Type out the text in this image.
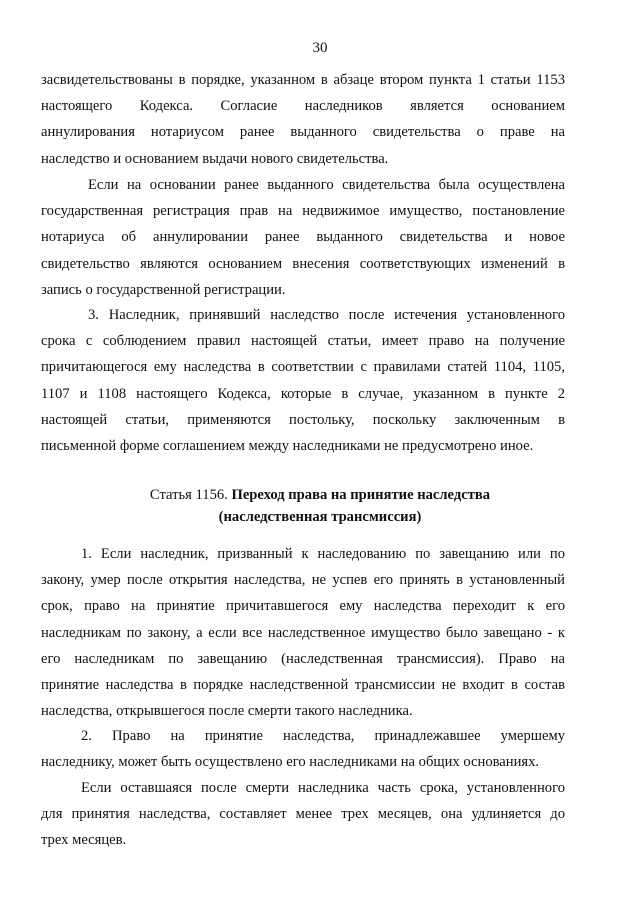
30
засвидетельствованы в порядке, указанном в абзаце втором пункта 1 статьи 1153
настоящего Кодекса. Согласие наследников является основанием
аннулирования нотариусом ранее выданного свидетельства о праве на
наследство и основанием выдачи нового свидетельства.
Если на основании ранее выданного свидетельства была осуществлена
государственная регистрация прав на недвижимое имущество, постановление
нотариуса об аннулировании ранее выданного свидетельства и новое
свидетельство являются основанием внесения соответствующих изменений в
запись о государственной регистрации.
3. Наследник, принявший наследство после истечения установленного
срока с соблюдением правил настоящей статьи, имеет право на получение
причитающегося ему наследства в соответствии с правилами статей 1104, 1105,
1107 и 1108 настоящего Кодекса, которые в случае, указанном в пункте 2
настоящей статьи, применяются постольку, поскольку заключенным в
письменной форме соглашением между наследниками не предусмотрено иное.
Статья 1156. Переход права на принятие наследства
(наследственная трансмиссия)
1. Если наследник, призванный к наследованию по завещанию или по
закону, умер после открытия наследства, не успев его принять в установленный
срок, право на принятие причитавшегося ему наследства переходит к его
наследникам по закону, а если все наследственное имущество было завещано - к
его наследникам по завещанию (наследственная трансмиссия). Право на
принятие наследства в порядке наследственной трансмиссии не входит в состав
наследства, открывшегося после смерти такого наследника.
2. Право на принятие наследства, принадлежавшее умершему
наследнику, может быть осуществлено его наследниками на общих основаниях.
Если оставшаяся после смерти наследника часть срока, установленного
для принятия наследства, составляет менее трех месяцев, она удлиняется до
трех месяцев.
